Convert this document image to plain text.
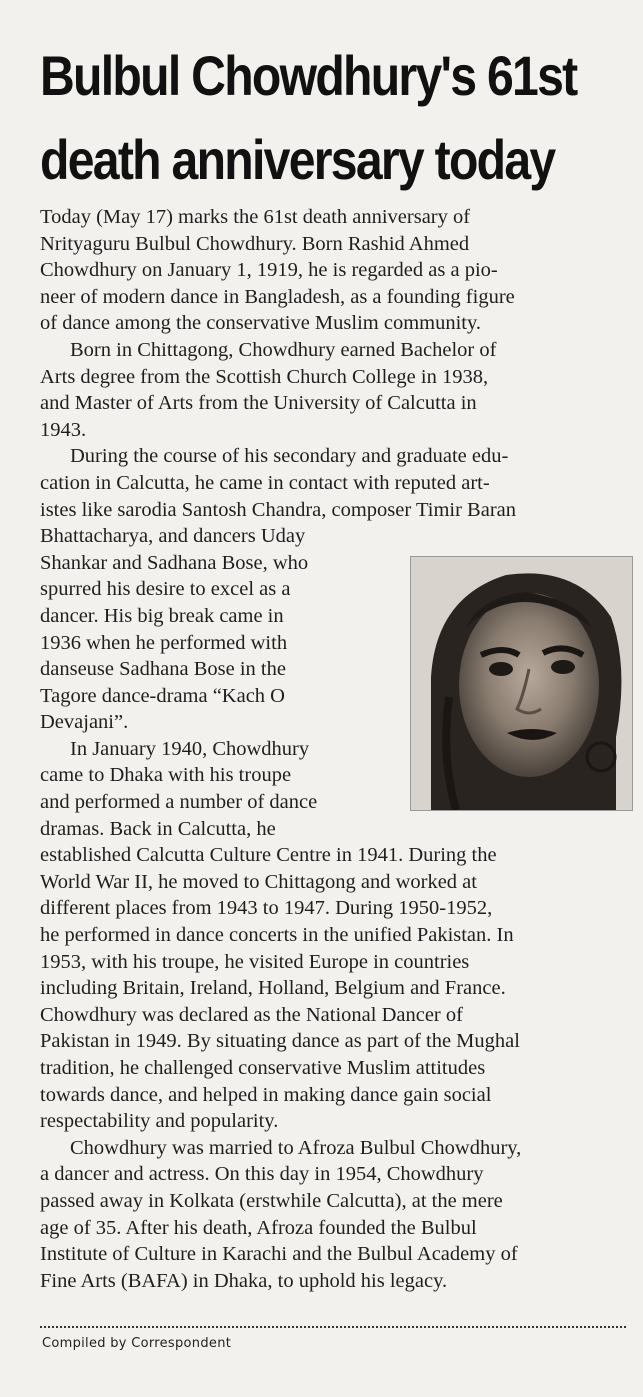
Bulbul Chowdhury's 61st
death anniversary today

Today (May 17) marks the 61st death anniversary of
Nrityaguru Bulbul Chowdhury. Born Rashid Ahmed
Chowdhury on January 1, 1919, he is regarded as a pio-
neer of modern dance in Bangladesh, as a founding figure
of dance among the conservative Muslim community.

Born in Chittagong, Chowdhury earned Bachelor of
Arts degree from the Scottish Church College in 1938,
and Master of Arts from the University of Calcutta in
1943.

During the course of his secondary and graduate edu-
cation in Calcutta, he came in contact with reputed art-
istes like sarodia Santosh Chandra, composer Timir Baran
Bhattacharya, and dancers Uday
Shankar and Sadhana Bose, who
spurred his desire to excel as a
dancer. His big break came in
1936 when he performed with
danseuse Sadhana Bose in the
Tagore dance-drama “Kach O
Devajani”.

In January 1940, Chowdhury
came to Dhaka with his troupe
and performed a number of dance
dramas. Back in Calcutta, he
established Calcutta Culture Centre in 1941. During the
World War II, he moved to Chittagong and worked at
different places from 1943 to 1947. During 1950-1952,
he performed in dance concerts in the unified Pakistan. In
1953, with his troupe, he visited Europe in countries
including Britain, Ireland, Holland, Belgium and France.
Chowdhury was declared as the National Dancer of
Pakistan in 1949. By situating dance as part of the Mughal
tradition, he challenged conservative Muslim attitudes
towards dance, and helped in making dance gain social
respectability and popularity.

Chowdhury was married to Afroza Bulbul Chowdhury,
a dancer and actress. On this day in 1954, Chowdhury
passed away in Kolkata (erstwhile Calcutta), at the mere
age of 35. After his death, Afroza founded the Bulbul
Institute of Culture in Karachi and the Bulbul Academy of
Fine Arts (BAFA) in Dhaka, to uphold his legacy.

Compiled by Correspondent
